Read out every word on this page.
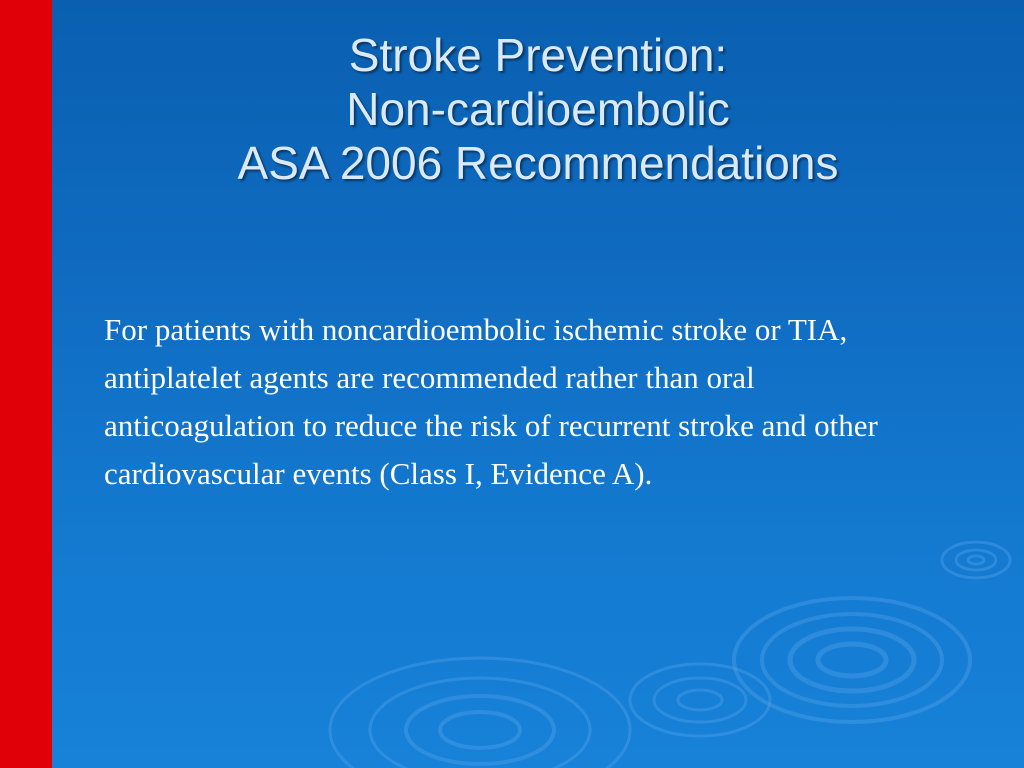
Stroke Prevention:
Non-cardioembolic
ASA 2006 Recommendations
For patients with noncardioembolic ischemic stroke or TIA, antiplatelet agents are recommended rather than oral anticoagulation to reduce the risk of recurrent stroke and other cardiovascular events (Class I, Evidence A).
